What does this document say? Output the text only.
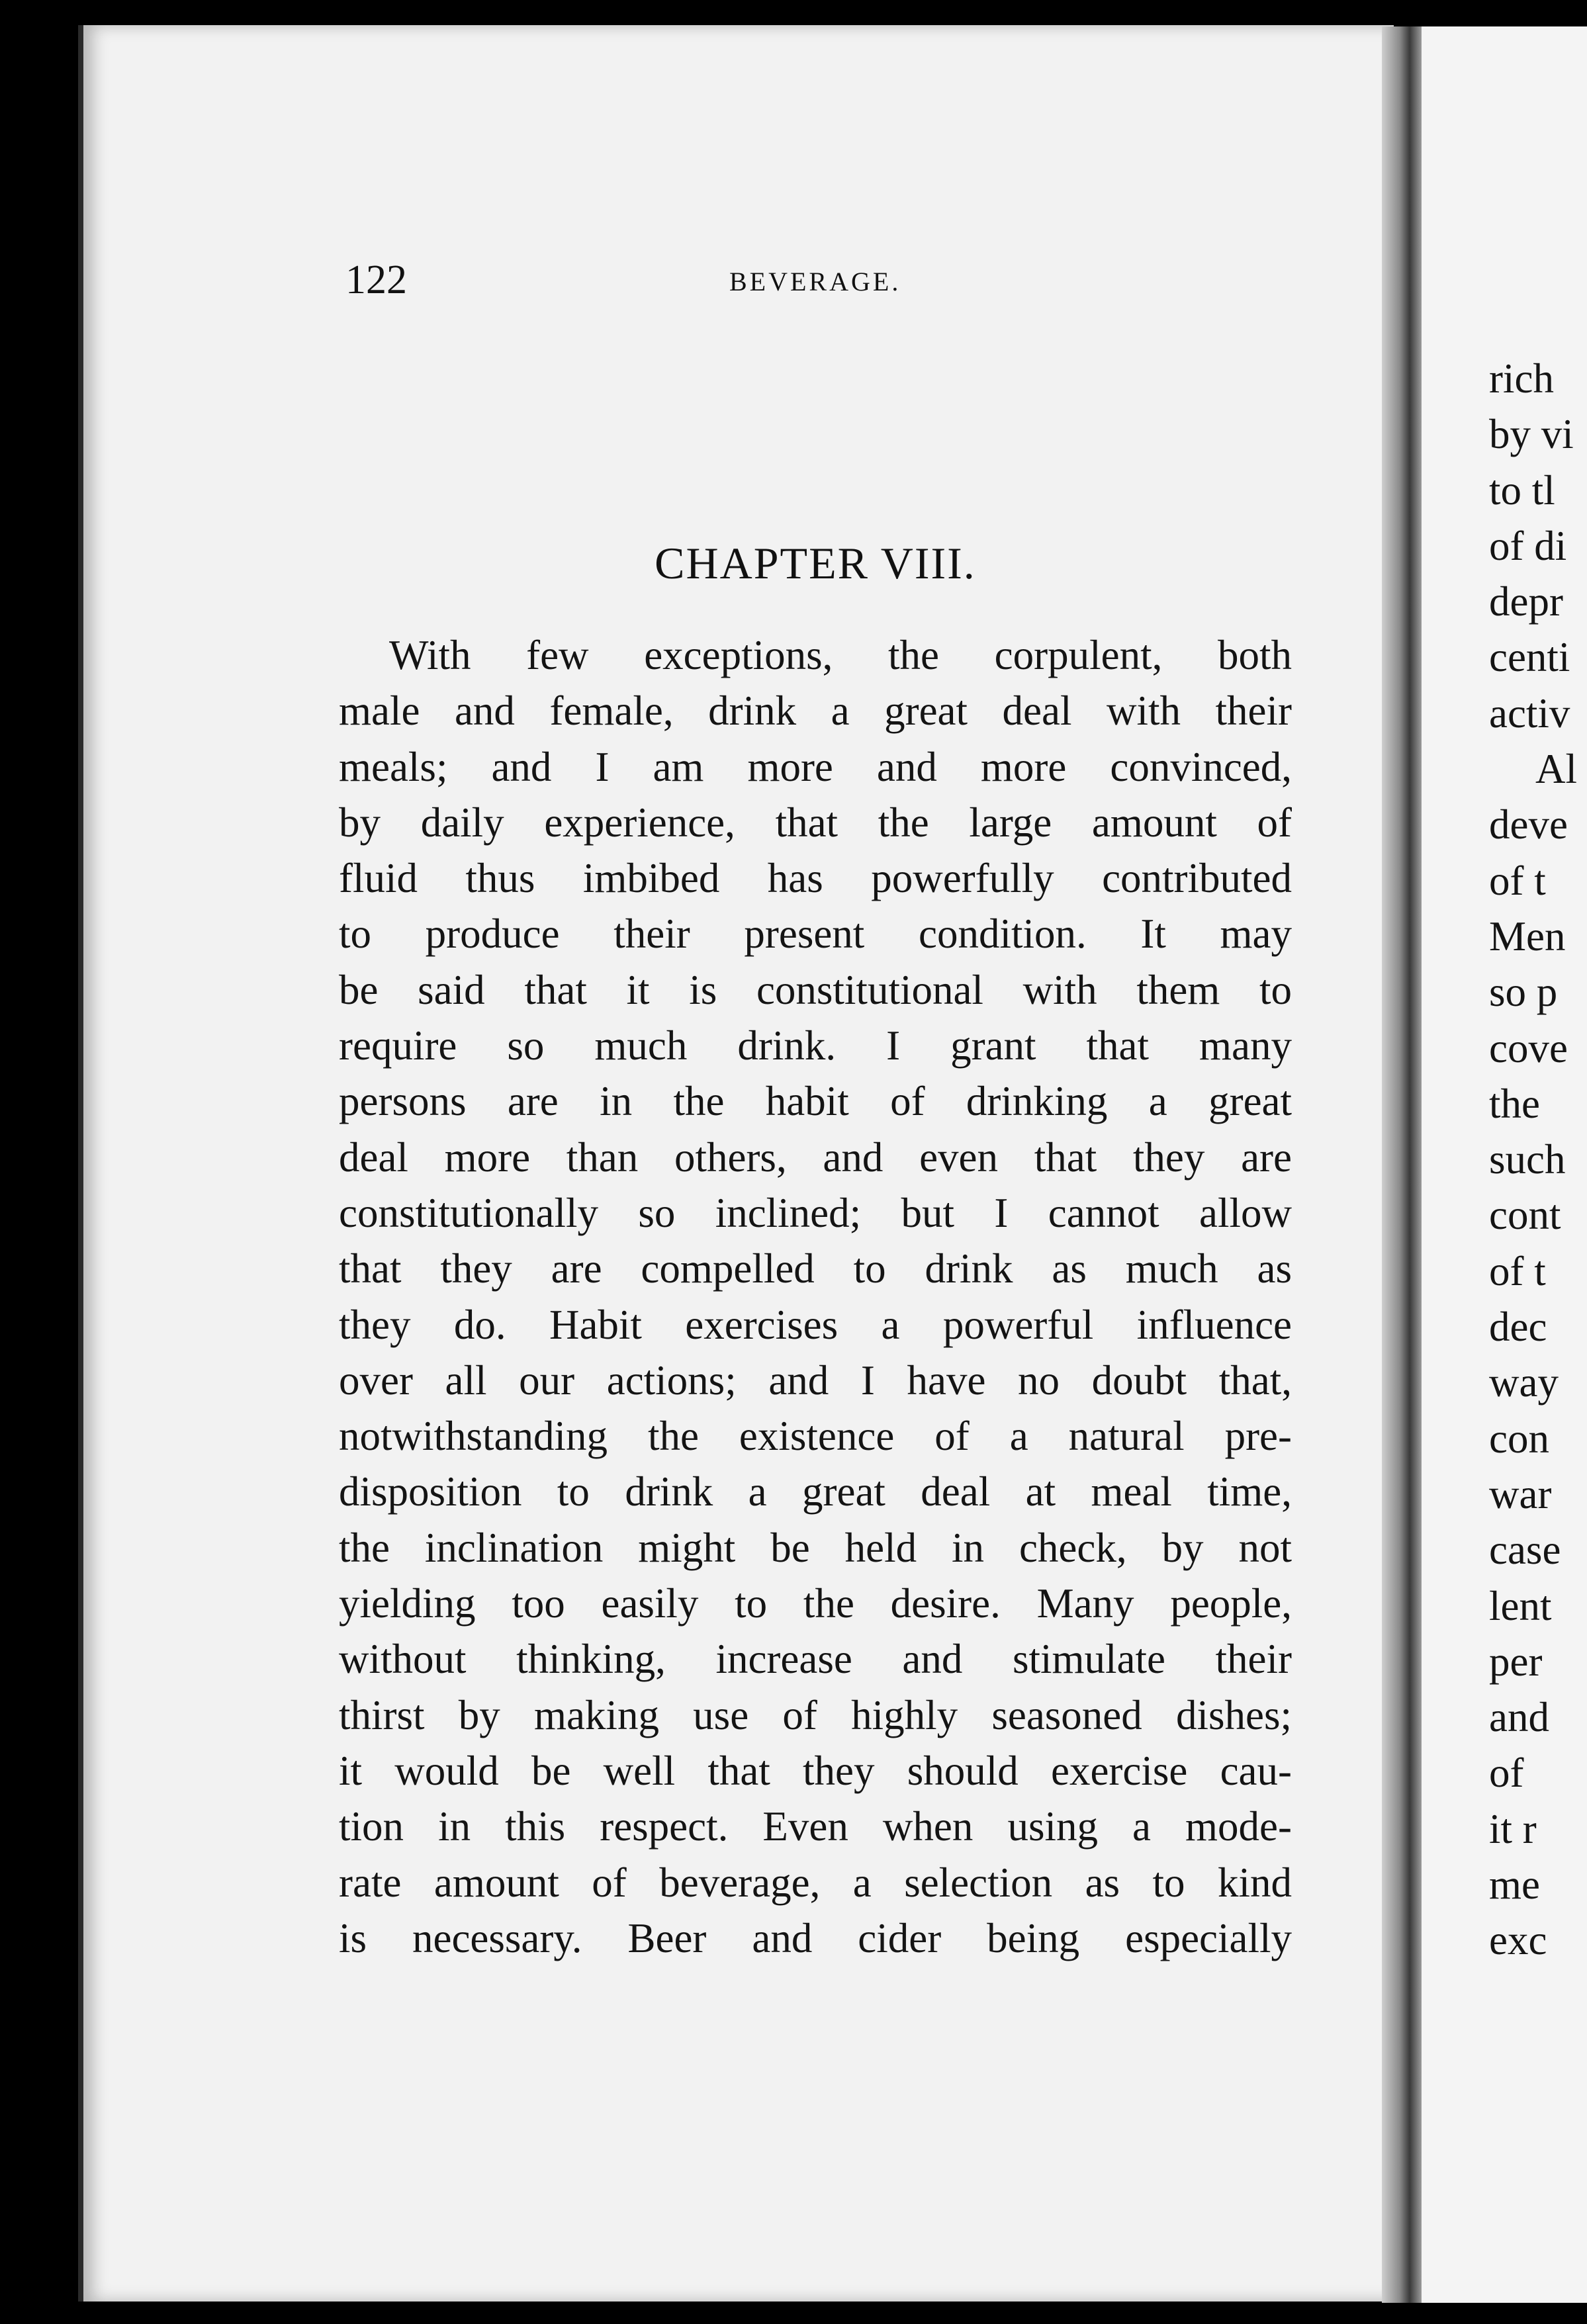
122	BEVERAGE.
CHAPTER VIII.
With few exceptions, the corpulent, both
male and female, drink a great deal with their
meals; and I am more and more convinced,
by daily experience, that the large amount of
fluid thus imbibed has powerfully contributed
to produce their present condition. It may
be said that it is constitutional with them to
require so much drink. I grant that many
persons are in the habit of drinking a great
deal more than others, and even that they are
constitutionally so inclined; but I cannot allow
that they are compelled to drink as much as
they do. Habit exercises a powerful influence
over all our actions; and I have no doubt that,
notwithstanding the existence of a natural pre-
disposition to drink a great deal at meal time,
the inclination might be held in check, by not
yielding too easily to the desire. Many people,
without thinking, increase and stimulate their
thirst by making use of highly seasoned dishes;
it would be well that they should exercise cau-
tion in this respect. Even when using a mode-
rate amount of beverage, a selection as to kind
is necessary. Beer and cider being especially
rich
by vi
to tl
of di
depr
centi
activ
Al
deve
of t
Men
so p
cove
the
such
cont
of t
dec
way
con
war
case
lent
per
and
of
it r
me
exc
